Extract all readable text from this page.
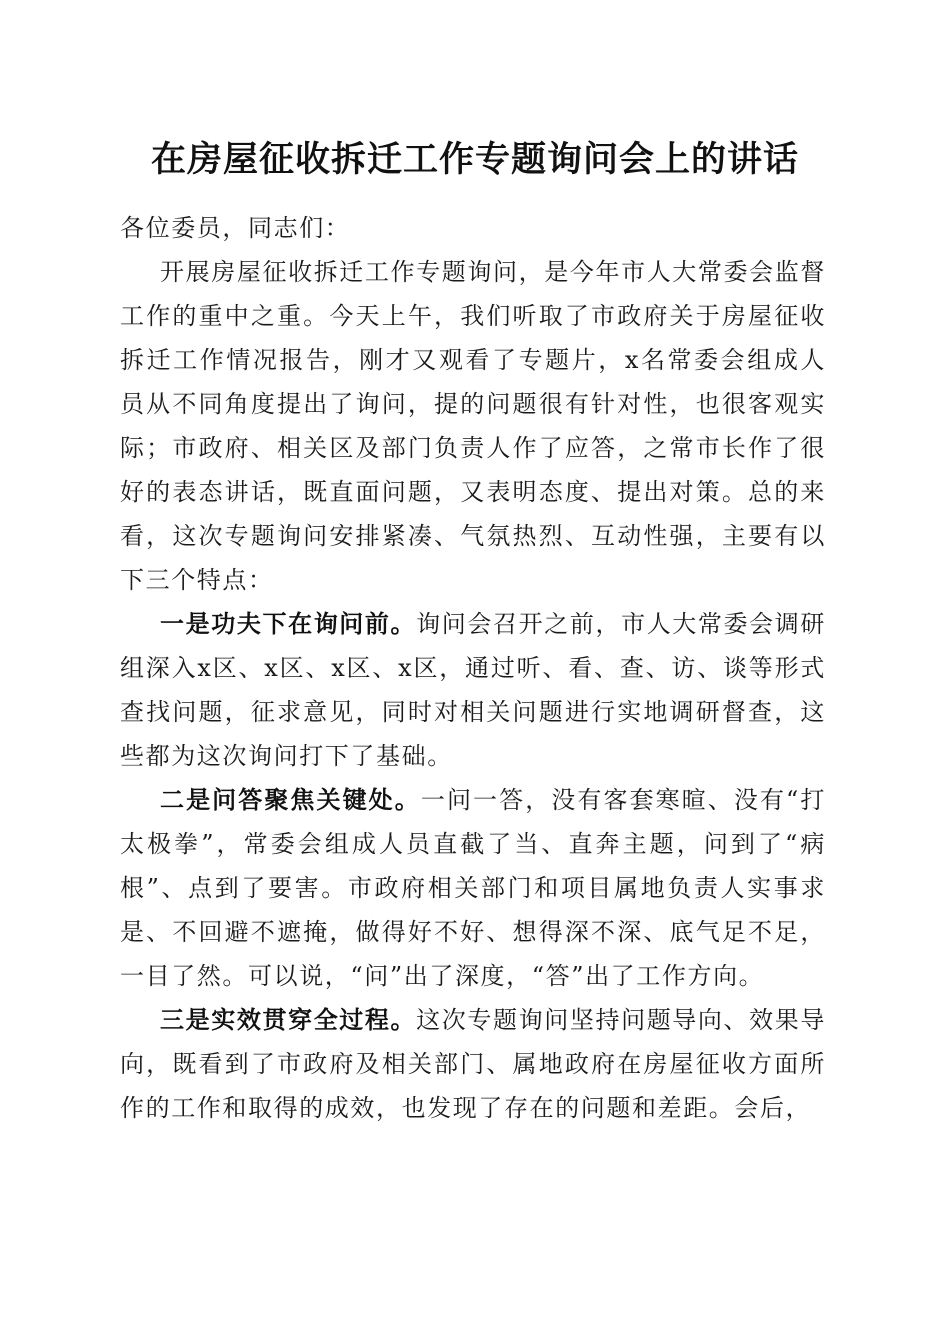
在房屋征收拆迁工作专题询问会上的讲话

各位委员，同志们：

开展房屋征收拆迁工作专题询问，是今年市人大常委会监督工作的重中之重。今天上午，我们听取了市政府关于房屋征收拆迁工作情况报告，刚才又观看了专题片，x名常委会组成人员从不同角度提出了询问，提的问题很有针对性，也很客观实际；市政府、相关区及部门负责人作了应答，之常市长作了很好的表态讲话，既直面问题，又表明态度、提出对策。总的来看，这次专题询问安排紧凑、气氛热烈、互动性强，主要有以下三个特点：

一是功夫下在询问前。询问会召开之前，市人大常委会调研组深入x区、x区、x区、x区，通过听、看、查、访、谈等形式查找问题，征求意见，同时对相关问题进行实地调研督查，这些都为这次询问打下了基础。

二是问答聚焦关键处。一问一答，没有客套寒暄、没有“打太极拳”，常委会组成人员直截了当、直奔主题，问到了“病根”、点到了要害。市政府相关部门和项目属地负责人实事求是、不回避不遮掩，做得好不好、想得深不深、底气足不足，一目了然。可以说，“问”出了深度，“答”出了工作方向。

三是实效贯穿全过程。这次专题询问坚持问题导向、效果导向，既看到了市政府及相关部门、属地政府在房屋征收方面所作的工作和取得的成效，也发现了存在的问题和差距。会后，
